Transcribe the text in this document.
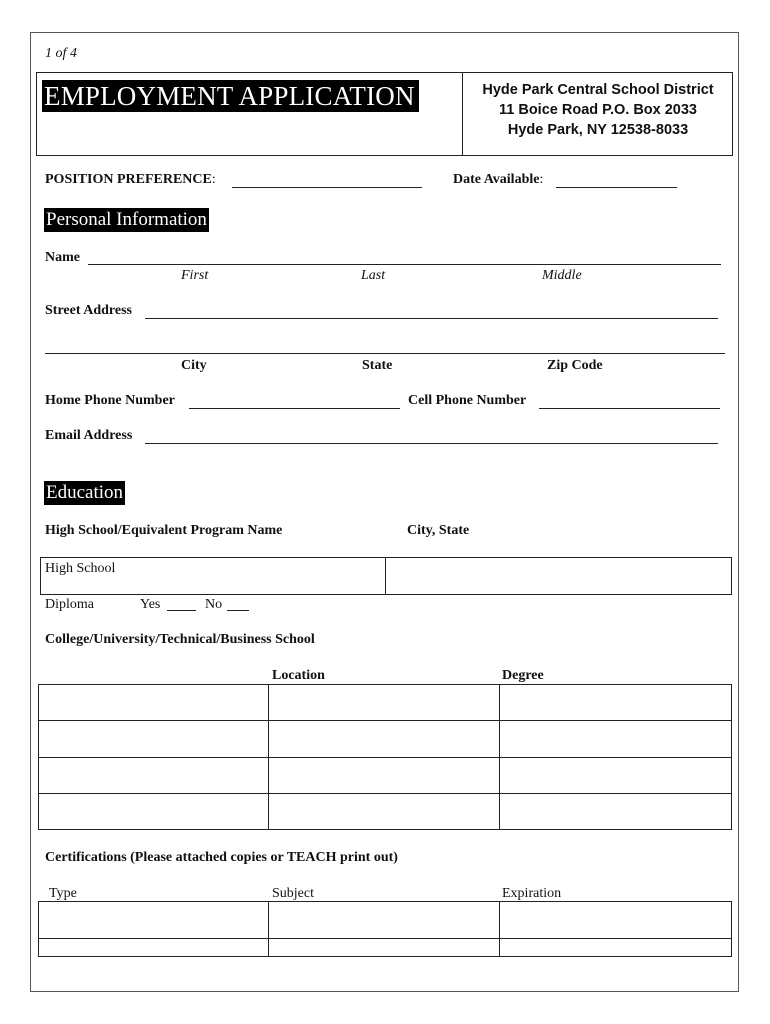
1 of 4
EMPLOYMENT APPLICATION	Hyde Park Central School District
11 Boice Road P.O. Box 2033
Hyde Park, NY 12538-8033
POSITION PREFERENCE:	Date Available:
Personal Information
Name
First	Last	Middle
Street Address
City	State	Zip Code
Home Phone Number	Cell Phone Number
Email Address
Education
High School/Equivalent Program Name	City, State
High School
Diploma	Yes	No
College/University/Technical/Business School
Location	Degree
Certifications (Please attached copies or TEACH print out)
Type	Subject	Expiration
